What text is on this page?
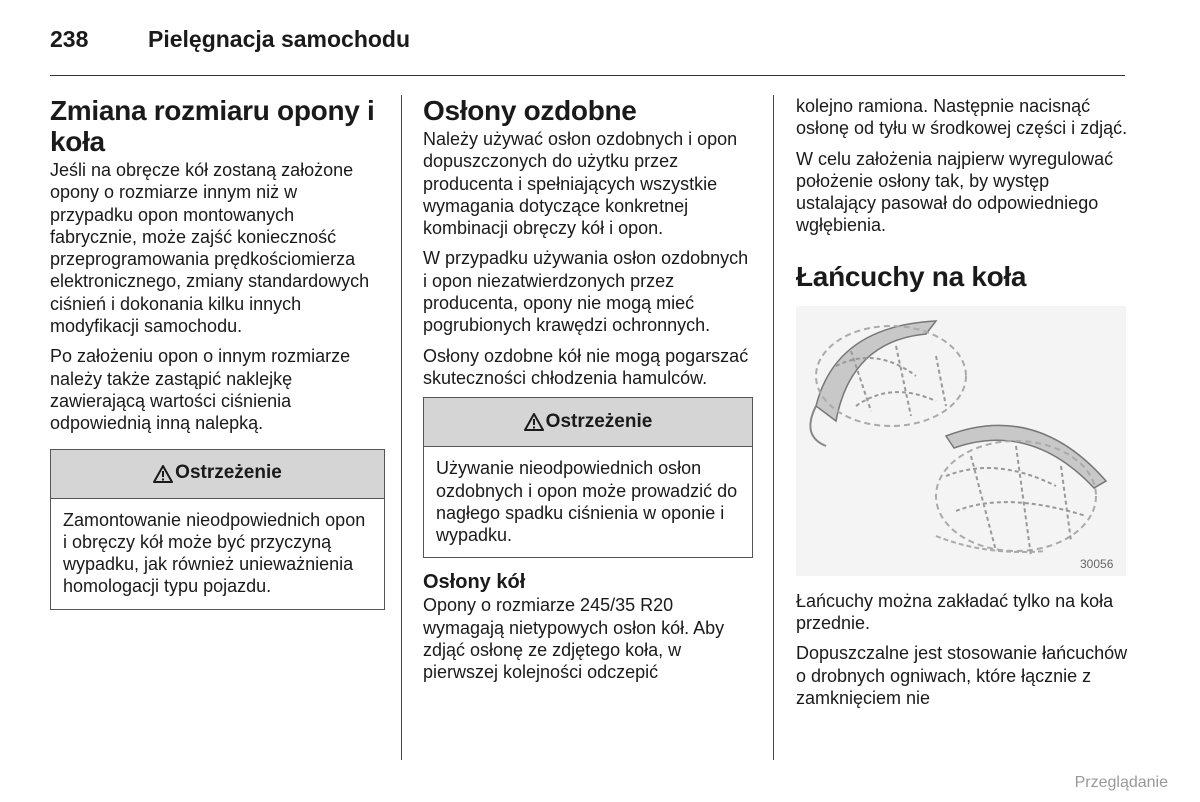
238	Pielęgnacja samochodu
Zmiana rozmiaru opony i koła

Jeśli na obręcze kół zostaną założone opony o rozmiarze innym niż w przypadku opon montowanych fabrycznie, może zajść konieczność przeprogramowania prędkościomierza elektronicznego, zmiany standardowych ciśnień i dokonania kilku innych modyfikacji samochodu.

Po założeniu opon o innym rozmiarze należy także zastąpić naklejkę zawierającą wartości ciśnienia odpowiednią inną nalepką.

Ostrzeżenie
Zamontowanie nieodpowiednich opon i obręczy kół może być przyczyną wypadku, jak również unieważnienia homologacji typu pojazdu.
Osłony ozdobne

Należy używać osłon ozdobnych i opon dopuszczonych do użytku przez producenta i spełniających wszystkie wymagania dotyczące konkretnej kombinacji obręczy kół i opon.

W przypadku używania osłon ozdobnych i opon niezatwierdzonych przez producenta, opony nie mogą mieć pogrubionych krawędzi ochronnych.

Osłony ozdobne kół nie mogą pogarszać skuteczności chłodzenia hamulców.

Ostrzeżenie
Używanie nieodpowiednich osłon ozdobnych i opon może prowadzić do nagłego spadku ciśnienia w oponie i wypadku.
Osłony kół

Opony o rozmiarze 245/35 R20 wymagają nietypowych osłon kół. Aby zdjąć osłonę ze zdjętego koła, w pierwszej kolejności odczepić

kolejno ramiona. Następnie nacisnąć osłonę od tyłu w środkowej części i zdjąć.

W celu założenia najpierw wyregulować położenie osłony tak, by występ ustalający pasował do odpowiedniego wgłębienia.

Łańcuchy na koła
30056

Łańcuchy można zakładać tylko na koła przednie.

Dopuszczalne jest stosowanie łańcuchów o drobnych ogniwach, które łącznie z zamknięciem nie

Przeglądanie
